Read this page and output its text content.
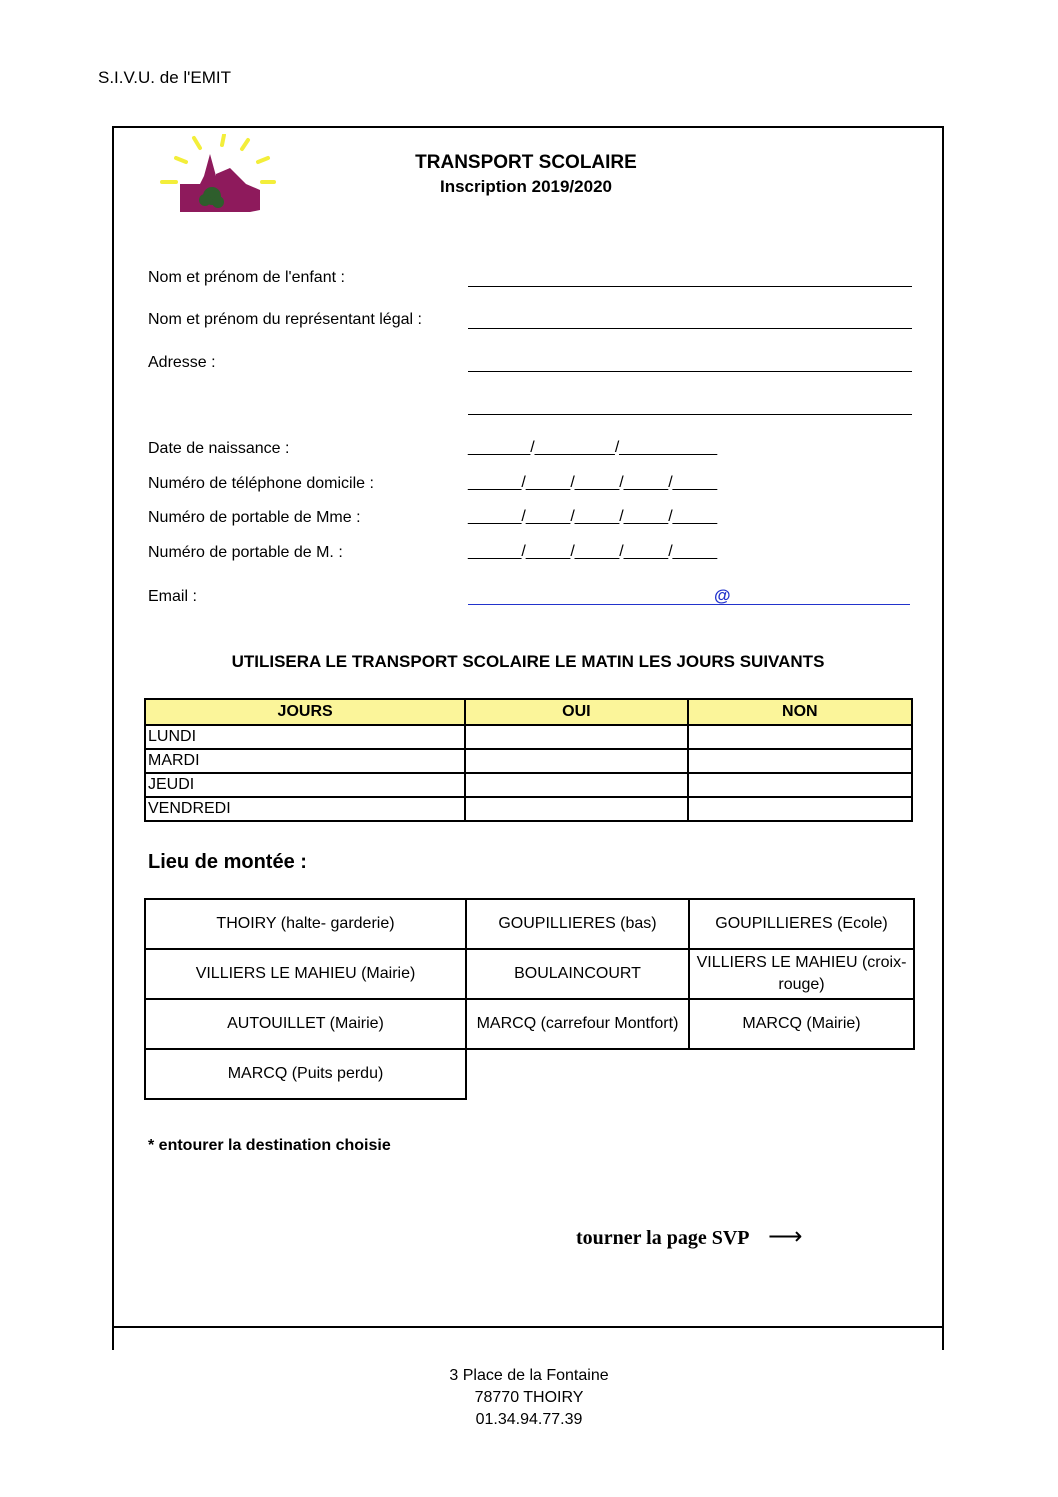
S.I.V.U. de l'EMIT
TRANSPORT SCOLAIRE
Inscription 2019/2020
Nom et prénom de l'enfant :
Nom et prénom du représentant légal :
Adresse :
Date de naissance :	_______/_________/___________
Numéro de téléphone domicile :	______/_____/_____/_____/_____
Numéro de portable de Mme :	______/_____/_____/_____/_____
Numéro de portable de M. :	______/_____/_____/_____/_____
Email :	@
UTILISERA LE TRANSPORT SCOLAIRE LE MATIN LES JOURS SUIVANTS
JOURS	OUI	NON
LUNDI		
MARDI		
JEUDI		
VENDREDI		
Lieu de montée :
THOIRY (halte- garderie)	GOUPILLIERES (bas)	GOUPILLIERES (Ecole)
VILLIERS LE MAHIEU (Mairie)	BOULAINCOURT	VILLIERS LE MAHIEU (croix-rouge)
AUTOUILLET (Mairie)	MARCQ (carrefour Montfort)	MARCQ (Mairie)
MARCQ (Puits perdu)		
* entourer la destination choisie
tourner la page SVP ⟶
3 Place de la Fontaine
78770 THOIRY
01.34.94.77.39
